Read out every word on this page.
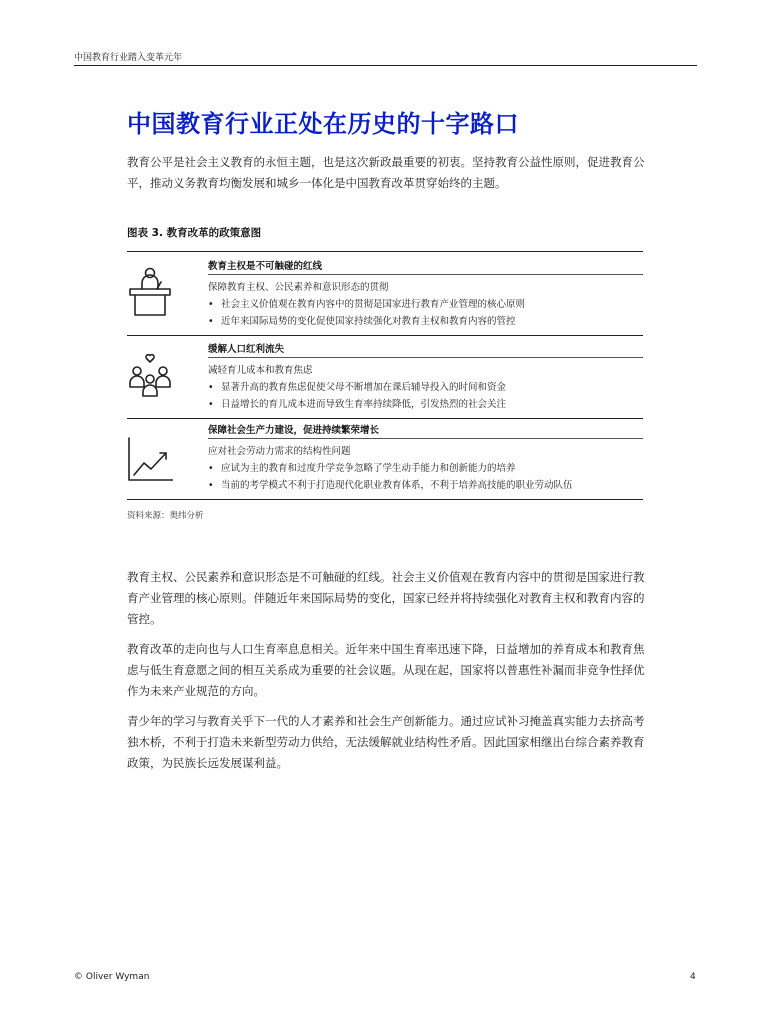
中国教育行业踏入变革元年
中国教育行业正处在历史的十字路口

教育公平是社会主义教育的永恒主题，也是这次新政最重要的初衷。坚持教育公益性原则，促进教育公平，推动义务教育均衡发展和城乡一体化是中国教育改革贯穿始终的主题。

图表 3. 教育改革的政策意图
教育主权是不可触碰的红线
保障教育主权、公民素养和意识形态的贯彻
• 社会主义价值观在教育内容中的贯彻是国家进行教育产业管理的核心原则
• 近年来国际局势的变化促使国家持续强化对教育主权和教育内容的管控
缓解人口红利流失
减轻育儿成本和教育焦虑
• 显著升高的教育焦虑促使父母不断增加在课后辅导投入的时间和资金
• 日益增长的育儿成本进而导致生育率持续降低，引发热烈的社会关注
保障社会生产力建设，促进持续繁荣增长
应对社会劳动力需求的结构性问题
• 应试为主的教育和过度升学竞争忽略了学生动手能力和创新能力的培养
• 当前的考学模式不利于打造现代化职业教育体系，不利于培养高技能的职业劳动队伍
资料来源：奥纬分析

教育主权、公民素养和意识形态是不可触碰的红线。社会主义价值观在教育内容中的贯彻是国家进行教育产业管理的核心原则。伴随近年来国际局势的变化，国家已经并将持续强化对教育主权和教育内容的管控。

教育改革的走向也与人口生育率息息相关。近年来中国生育率迅速下降，日益增加的养育成本和教育焦虑与低生育意愿之间的相互关系成为重要的社会议题。从现在起，国家将以普惠性补漏而非竞争性择优作为未来产业规范的方向。

青少年的学习与教育关乎下一代的人才素养和社会生产创新能力。通过应试补习掩盖真实能力去挤高考独木桥，不利于打造未来新型劳动力供给，无法缓解就业结构性矛盾。因此国家相继出台综合素养教育政策，为民族长远发展谋利益。

© Oliver Wyman	4
